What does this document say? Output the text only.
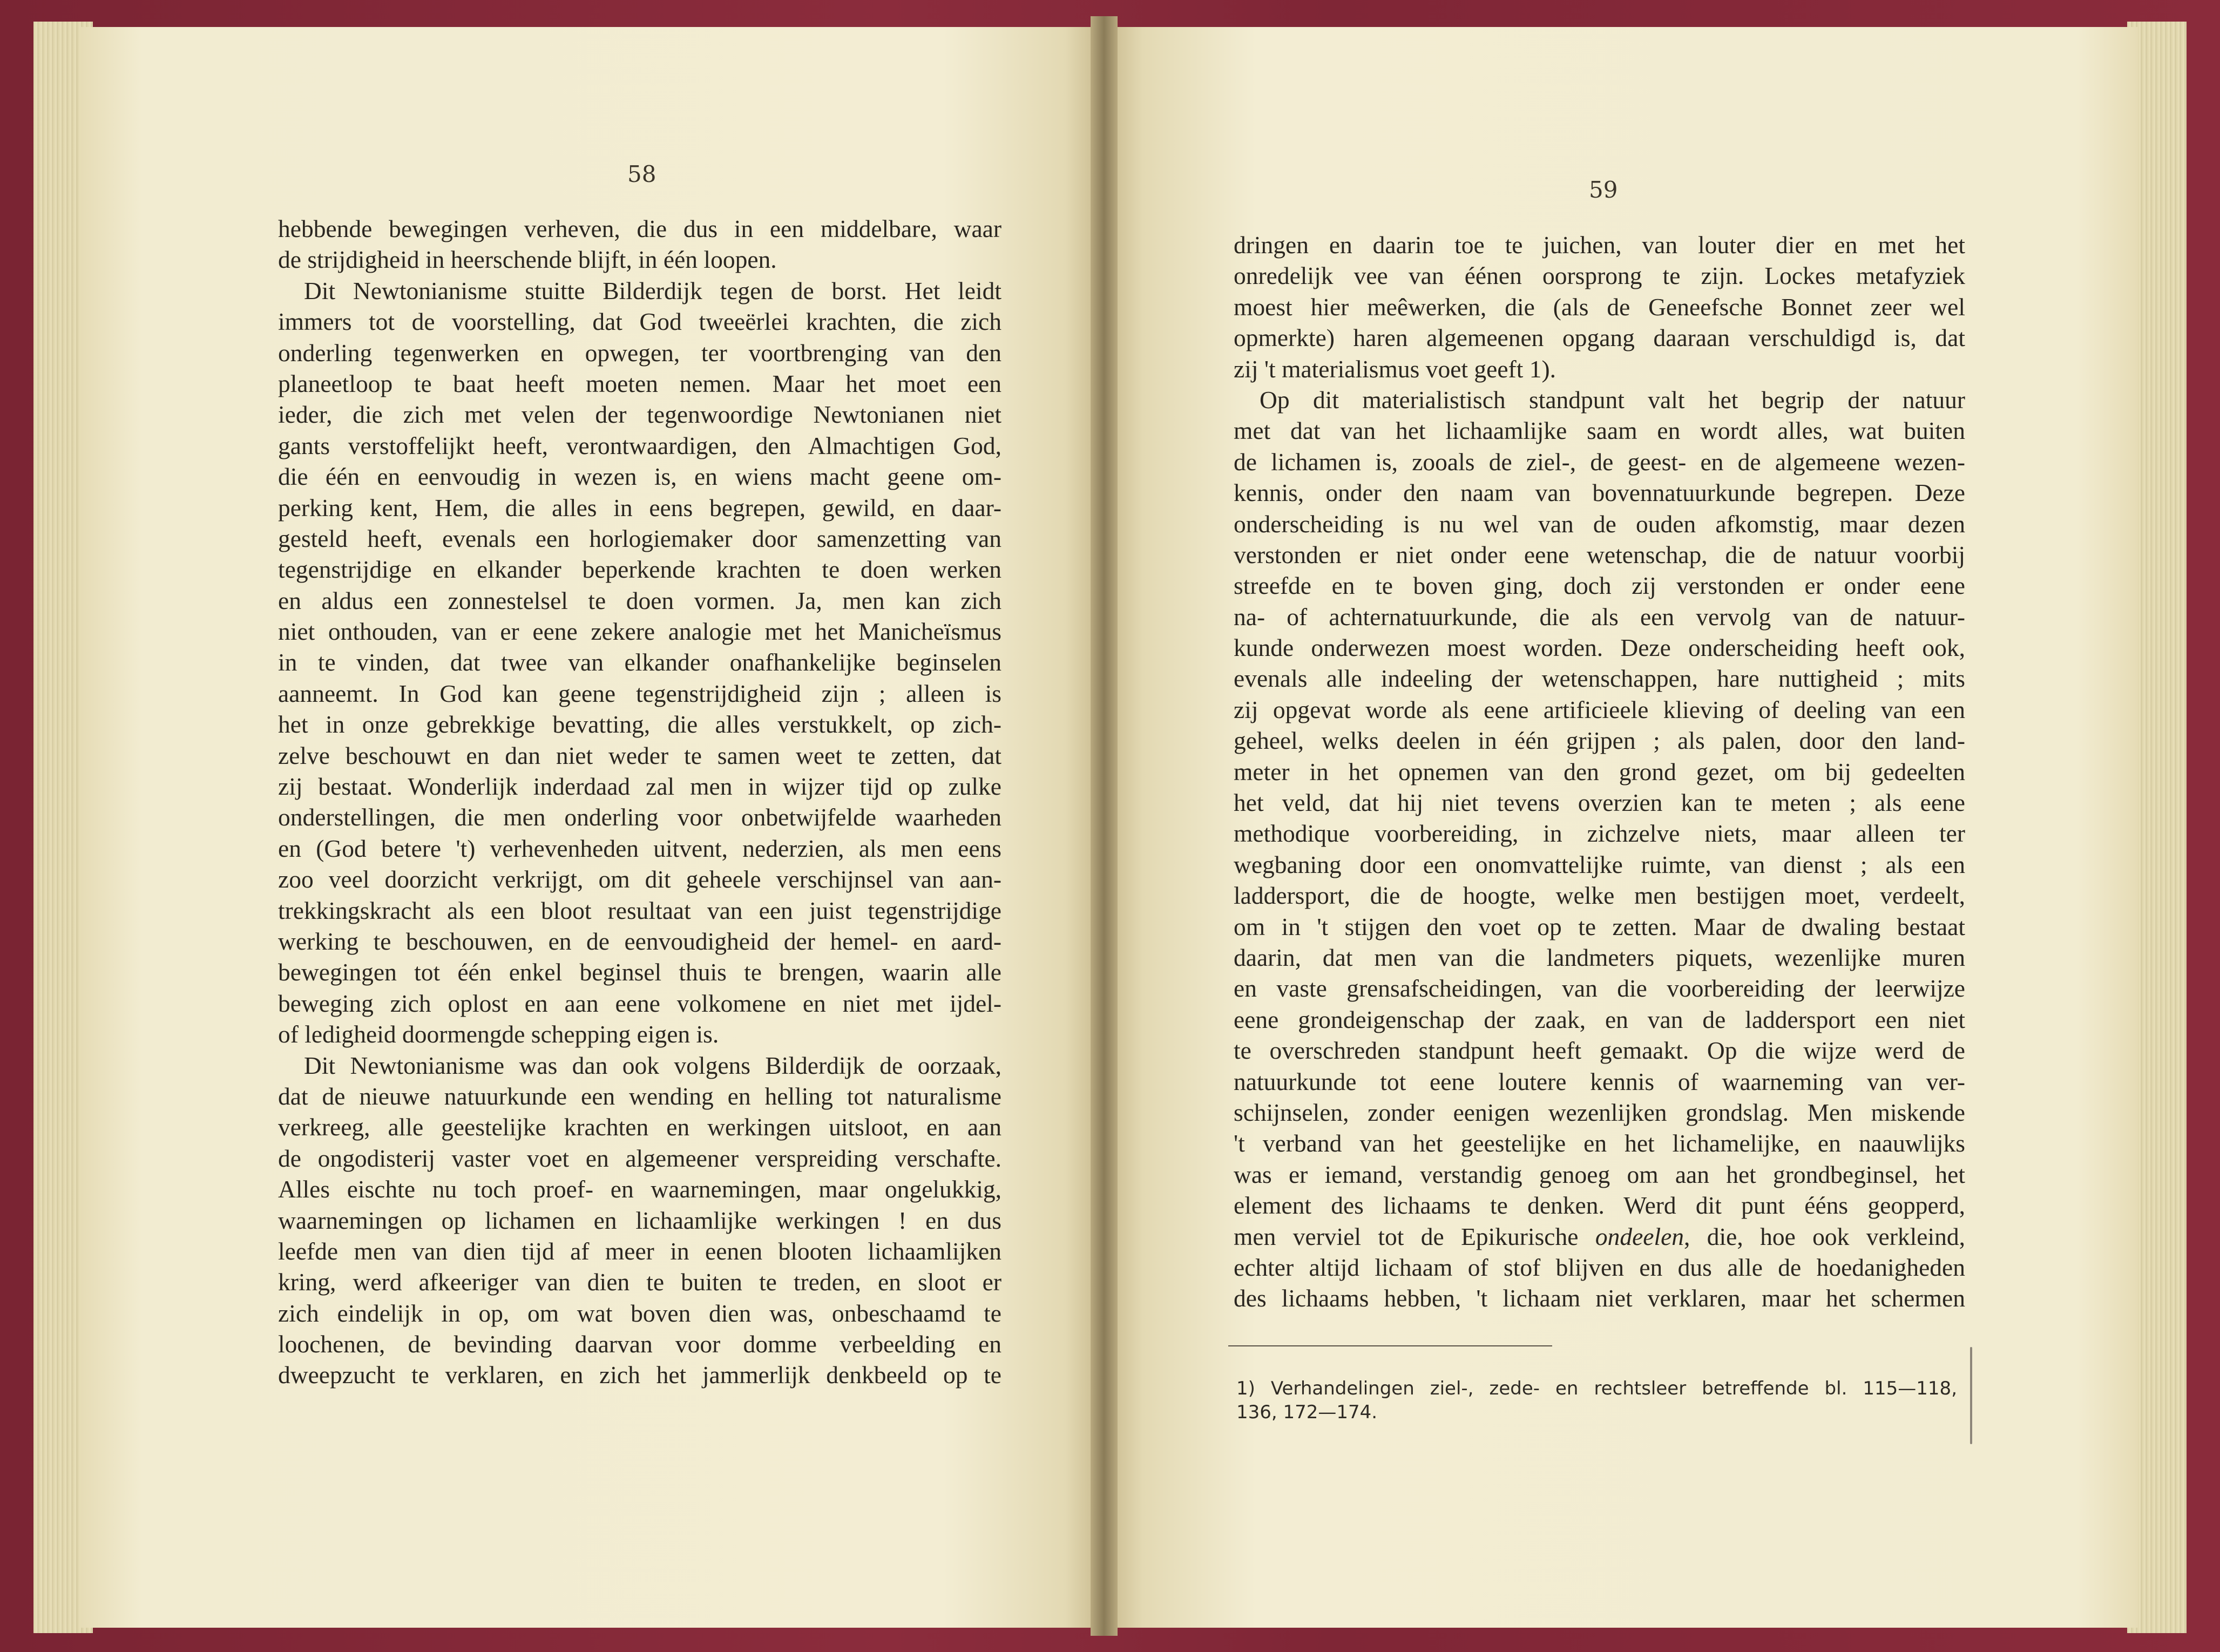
58
59
hebbende bewegingen verheven, die dus in een middelbare, waar
de strijdigheid in heerschende blijft, in één loopen.
Dit Newtonianisme stuitte Bilderdijk tegen de borst. Het leidt
immers tot de voorstelling, dat God tweeërlei krachten, die zich
onderling tegenwerken en opwegen, ter voortbrenging van den
planeetloop te baat heeft moeten nemen. Maar het moet een
ieder, die zich met velen der tegenwoordige Newtonianen niet
gants verstoffelijkt heeft, verontwaardigen, den Almachtigen God,
die één en eenvoudig in wezen is, en wiens macht geene om-
perking kent, Hem, die alles in eens begrepen, gewild, en daar-
gesteld heeft, evenals een horlogiemaker door samenzetting van
tegenstrijdige en elkander beperkende krachten te doen werken
en aldus een zonnestelsel te doen vormen. Ja, men kan zich
niet onthouden, van er eene zekere analogie met het Manicheïsmus
in te vinden, dat twee van elkander onafhankelijke beginselen
aanneemt. In God kan geene tegenstrijdigheid zijn ; alleen is
het in onze gebrekkige bevatting, die alles verstukkelt, op zich-
zelve beschouwt en dan niet weder te samen weet te zetten, dat
zij bestaat. Wonderlijk inderdaad zal men in wijzer tijd op zulke
onderstellingen, die men onderling voor onbetwijfelde waarheden
en (God betere 't) verhevenheden uitvent, nederzien, als men eens
zoo veel doorzicht verkrijgt, om dit geheele verschijnsel van aan-
trekkingskracht als een bloot resultaat van een juist tegenstrijdige
werking te beschouwen, en de eenvoudigheid der hemel- en aard-
bewegingen tot één enkel beginsel thuis te brengen, waarin alle
beweging zich oplost en aan eene volkomene en niet met ijdel-
of ledigheid doormengde schepping eigen is.
Dit Newtonianisme was dan ook volgens Bilderdijk de oorzaak,
dat de nieuwe natuurkunde een wending en helling tot naturalisme
verkreeg, alle geestelijke krachten en werkingen uitsloot, en aan
de ongodisterij vaster voet en algemeener verspreiding verschafte.
Alles eischte nu toch proef- en waarnemingen, maar ongelukkig,
waarnemingen op lichamen en lichaamlijke werkingen ! en dus
leefde men van dien tijd af meer in eenen blooten lichaamlijken
kring, werd afkeeriger van dien te buiten te treden, en sloot er
zich eindelijk in op, om wat boven dien was, onbeschaamd te
loochenen, de bevinding daarvan voor domme verbeelding en
dweepzucht te verklaren, en zich het jammerlijk denkbeeld op te
dringen en daarin toe te juichen, van louter dier en met het
onredelijk vee van éénen oorsprong te zijn. Lockes metafyziek
moest hier meêwerken, die (als de Geneefsche Bonnet zeer wel
opmerkte) haren algemeenen opgang daaraan verschuldigd is, dat
zij 't materialismus voet geeft 1).
Op dit materialistisch standpunt valt het begrip der natuur
met dat van het lichaamlijke saam en wordt alles, wat buiten
de lichamen is, zooals de ziel-, de geest- en de algemeene wezen-
kennis, onder den naam van bovennatuurkunde begrepen. Deze
onderscheiding is nu wel van de ouden afkomstig, maar dezen
verstonden er niet onder eene wetenschap, die de natuur voorbij
streefde en te boven ging, doch zij verstonden er onder eene
na- of achternatuurkunde, die als een vervolg van de natuur-
kunde onderwezen moest worden. Deze onderscheiding heeft ook,
evenals alle indeeling der wetenschappen, hare nuttigheid ; mits
zij opgevat worde als eene artificieele klieving of deeling van een
geheel, welks deelen in één grijpen ; als palen, door den land-
meter in het opnemen van den grond gezet, om bij gedeelten
het veld, dat hij niet tevens overzien kan te meten ; als eene
methodique voorbereiding, in zichzelve niets, maar alleen ter
wegbaning door een onomvattelijke ruimte, van dienst ; als een
laddersport, die de hoogte, welke men bestijgen moet, verdeelt,
om in 't stijgen den voet op te zetten. Maar de dwaling bestaat
daarin, dat men van die landmeters piquets, wezenlijke muren
en vaste grensafscheidingen, van die voorbereiding der leerwijze
eene grondeigenschap der zaak, en van de laddersport een niet
te overschreden standpunt heeft gemaakt. Op die wijze werd de
natuurkunde tot eene loutere kennis of waarneming van ver-
schijnselen, zonder eenigen wezenlijken grondslag. Men miskende
't verband van het geestelijke en het lichamelijke, en naauwlijks
was er iemand, verstandig genoeg om aan het grondbeginsel, het
element des lichaams te denken. Werd dit punt ééns geopperd,
men verviel tot de Epikurische ondeelen, die, hoe ook verkleind,
echter altijd lichaam of stof blijven en dus alle de hoedanigheden
des lichaams hebben, 't lichaam niet verklaren, maar het schermen
1) Verhandelingen ziel-, zede- en rechtsleer betreffende bl. 115—118,
136, 172—174.
